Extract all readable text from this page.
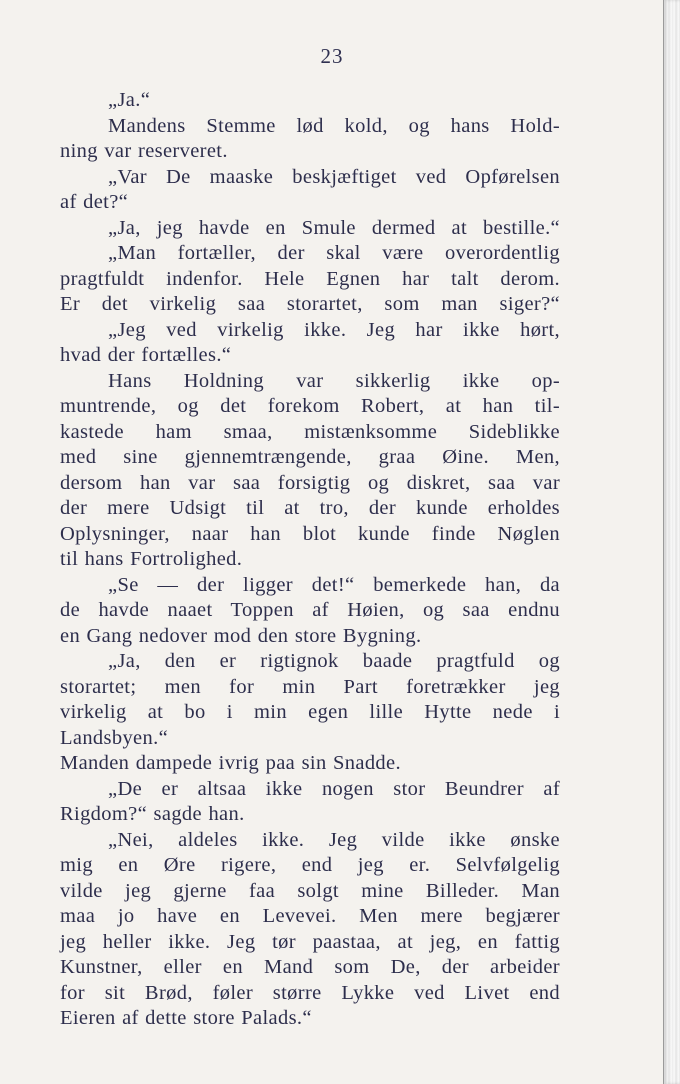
23
„Ja.“
Mandens Stemme lød kold, og hans Hold-
ning var reserveret.
„Var De maaske beskjæftiget ved Opførelsen
af det?“
„Ja, jeg havde en Smule dermed at bestille.“
„Man fortæller, der skal være overordentlig
pragtfuldt indenfor. Hele Egnen har talt derom.
Er det virkelig saa storartet, som man siger?“
„Jeg ved virkelig ikke. Jeg har ikke hørt,
hvad der fortælles.“
Hans Holdning var sikkerlig ikke op-
muntrende, og det forekom Robert, at han til-
kastede ham smaa, mistænksomme Sideblikke
med sine gjennemtrængende, graa Øine. Men,
dersom han var saa forsigtig og diskret, saa var
der mere Udsigt til at tro, der kunde erholdes
Oplysninger, naar han blot kunde finde Nøglen
til hans Fortrolighed.
„Se — der ligger det!“ bemerkede han, da
de havde naaet Toppen af Høien, og saa endnu
en Gang nedover mod den store Bygning.
„Ja, den er rigtignok baade pragtfuld og
storartet; men for min Part foretrækker jeg
virkelig at bo i min egen lille Hytte nede i
Landsbyen.“
Manden dampede ivrig paa sin Snadde.
„De er altsaa ikke nogen stor Beundrer af
Rigdom?“ sagde han.
„Nei, aldeles ikke. Jeg vilde ikke ønske
mig en Øre rigere, end jeg er. Selvfølgelig
vilde jeg gjerne faa solgt mine Billeder. Man
maa jo have en Levevei. Men mere begjærer
jeg heller ikke. Jeg tør paastaa, at jeg, en fattig
Kunstner, eller en Mand som De, der arbeider
for sit Brød, føler større Lykke ved Livet end
Eieren af dette store Palads.“
